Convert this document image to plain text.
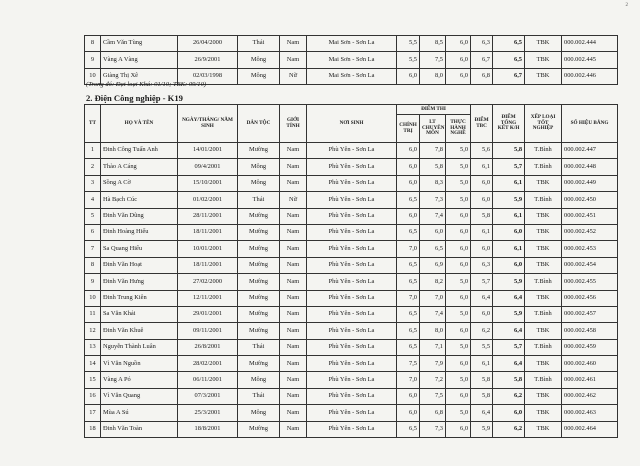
2
8	Cầm Văn Tùng	26/04/2000	Thái	Nam	Mai Sơn - Sơn La	5,5	8,5	6,0	6,3	6,5	TBK	000.002.444
9	Vàng A Vàng	26/9/2001	Mông	Nam	Mai Sơn - Sơn La	5,5	7,5	6,0	6,7	6,5	TBK	000.002.445
10	Giàng Thị Xê	02/03/1998	Mông	Nữ	Mai Sơn - Sơn La	6,0	8,0	6,0	6,8	6,7	TBK	000.002.446
(Trong đó: Đạt loại Khá: 01/10; TBK: 09/10)
2. Điện Công nghiệp - K19
TT	HỌ VÀ TÊN	NGÀY/THÁNG/ NĂM SINH	DÂN TỘC	GIỚI TÍNH	NƠI SINH	ĐIỂM THI			ĐIỂM TBC	ĐIỂM TỔNG KẾT K/H	XẾP LOẠI TỐT NGHIỆP	SỐ HIỆU BẰNG
						CHÍNH TRỊ	LT CHUYÊN MÔN	THỰC HÀNH NGHỀ				
1	Đinh Công Tuấn Anh	14/01/2001	Mường	Nam	Phù Yên - Sơn La	6,0	7,8	5,0	5,6	5,8	T.Bình	000.002.447
2	Thào A Cáng	09/4/2001	Mông	Nam	Phù Yên - Sơn La	6,0	5,8	5,0	6,1	5,7	T.Bình	000.002.448
3	Sồng A Cờ	15/10/2001	Mông	Nam	Phù Yên - Sơn La	6,0	8,3	5,0	6,0	6,1	TBK	000.002.449
4	Hà Bạch Cúc	01/02/2001	Thái	Nữ	Phù Yên - Sơn La	6,5	7,3	5,0	6,0	5,9	T.Bình	000.002.450
5	Đinh Văn Dũng	28/11/2001	Mường	Nam	Phù Yên - Sơn La	6,0	7,4	6,0	5,8	6,1	TBK	000.002.451
6	Đinh Hoàng Hiếu	18/11/2001	Mường	Nam	Phù Yên - Sơn La	6,5	6,0	6,0	6,1	6,0	TBK	000.002.452
7	Sa Quang Hiếu	10/01/2001	Mường	Nam	Phù Yên - Sơn La	7,0	6,5	6,0	6,0	6,1	TBK	000.002.453
8	Đinh Văn Hoạt	18/11/2001	Mường	Nam	Phù Yên - Sơn La	6,5	6,9	6,0	6,3	6,0	TBK	000.002.454
9	Đinh Văn Hưng	27/02/2000	Mường	Nam	Phù Yên - Sơn La	6,5	8,2	5,0	5,7	5,9	T.Bình	000.002.455
10	Đinh Trung Kiên	12/11/2001	Mường	Nam	Phù Yên - Sơn La	7,0	7,0	6,0	6,4	6,4	TBK	000.002.456
11	Sa Văn Khải	29/01/2001	Mường	Nam	Phù Yên - Sơn La	6,5	7,4	5,0	6,0	5,9	T.Bình	000.002.457
12	Đinh Văn Khuê	09/11/2001	Mường	Nam	Phù Yên - Sơn La	6,5	8,0	6,0	6,2	6,4	TBK	000.002.458
13	Nguyễn Thành Luân	26/8/2001	Thái	Nam	Phù Yên - Sơn La	6,5	7,1	5,0	5,5	5,7	T.Bình	000.002.459
14	Vì Văn Nguồn	28/02/2001	Mường	Nam	Phù Yên - Sơn La	7,5	7,9	6,0	6,1	6,4	TBK	000.002.460
15	Vàng A Pó	06/11/2001	Mông	Nam	Phù Yên - Sơn La	7,0	7,2	5,0	5,8	5,8	T.Bình	000.002.461
16	Vì Văn Quang	07/3/2001	Thái	Nam	Phù Yên - Sơn La	6,0	7,5	6,0	5,8	6,2	TBK	000.002.462
17	Mùa A Sú	25/3/2001	Mông	Nam	Phù Yên - Sơn La	6,0	6,8	5,0	6,4	6,0	TBK	000.002.463
18	Đinh Văn Toàn	18/8/2001	Mường	Nam	Phù Yên - Sơn La	6,5	7,3	6,0	5,9	6,2	TBK	000.002.464
